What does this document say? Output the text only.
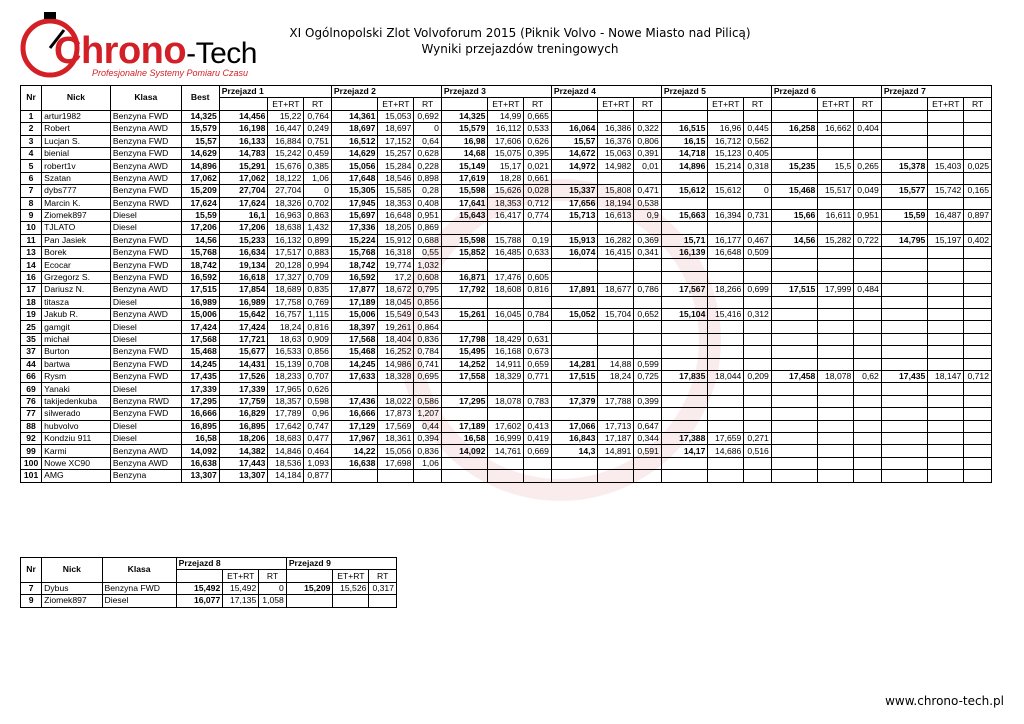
Chrono-Tech
Profesjonalne Systemy Pomiaru Czasu
XI Ogólnopolski Zlot Volvoforum 2015 (Piknik Volvo - Nowe Miasto nad Pilicą)
Wyniki przejazdów treningowych
Nr	Nick	Klasa	Best	Przejazd 1			Przejazd 2			Przejazd 3			Przejazd 4			Przejazd 5			Przejazd 6			Przejazd 7		
					ET+RT	RT		ET+RT	RT		ET+RT	RT		ET+RT	RT		ET+RT	RT		ET+RT	RT		ET+RT	RT
1	artur1982	Benzyna FWD	14,325	14,456	15,22	0,764	14,361	15,053	0,692	14,325	14,99	0,665												
2	Robert	Benzyna AWD	15,579	16,198	16,447	0,249	18,697	18,697	0	15,579	16,112	0,533	16,064	16,386	0,322	16,515	16,96	0,445	16,258	16,662	0,404			
3	Lucjan S.	Benzyna FWD	15,57	16,133	16,884	0,751	16,512	17,152	0,64	16,98	17,606	0,626	15,57	16,376	0,806	16,15	16,712	0,562						
4	bienial	Benzyna FWD	14,629	14,783	15,242	0,459	14,629	15,257	0,628	14,68	15,075	0,395	14,672	15,063	0,391	14,718	15,123	0,405						
5	robert1v	Benzyna AWD	14,896	15,291	15,676	0,385	15,056	15,284	0,228	15,149	15,17	0,021	14,972	14,982	0,01	14,896	15,214	0,318	15,235	15,5	0,265	15,378	15,403	0,025
6	Szatan	Benzyna AWD	17,062	17,062	18,122	1,06	17,648	18,546	0,898	17,619	18,28	0,661												
7	dybs777	Benzyna FWD	15,209	27,704	27,704	0	15,305	15,585	0,28	15,598	15,626	0,028	15,337	15,808	0,471	15,612	15,612	0	15,468	15,517	0,049	15,577	15,742	0,165
8	Marcin K.	Benzyna RWD	17,624	17,624	18,326	0,702	17,945	18,353	0,408	17,641	18,353	0,712	17,656	18,194	0,538									
9	Ziomek897	Diesel	15,59	16,1	16,963	0,863	15,697	16,648	0,951	15,643	16,417	0,774	15,713	16,613	0,9	15,663	16,394	0,731	15,66	16,611	0,951	15,59	16,487	0,897
10	TJLATO	Diesel	17,206	17,206	18,638	1,432	17,336	18,205	0,869															
11	Pan Jasiek	Benzyna FWD	14,56	15,233	16,132	0,899	15,224	15,912	0,688	15,598	15,788	0,19	15,913	16,282	0,369	15,71	16,177	0,467	14,56	15,282	0,722	14,795	15,197	0,402
13	Borek	Benzyna FWD	15,768	16,634	17,517	0,883	15,768	16,318	0,55	15,852	16,485	0,633	16,074	16,415	0,341	16,139	16,648	0,509						
14	Ecocar	Benzyna FWD	18,742	19,134	20,128	0,994	18,742	19,774	1,032															
16	Grzegorz S.	Benzyna FWD	16,592	16,618	17,327	0,709	16,592	17,2	0,608	16,871	17,476	0,605												
17	Dariusz N.	Benzyna AWD	17,515	17,854	18,689	0,835	17,877	18,672	0,795	17,792	18,608	0,816	17,891	18,677	0,786	17,567	18,266	0,699	17,515	17,999	0,484			
18	titasza	Diesel	16,989	16,989	17,758	0,769	17,189	18,045	0,856															
19	Jakub R.	Benzyna AWD	15,006	15,642	16,757	1,115	15,006	15,549	0,543	15,261	16,045	0,784	15,052	15,704	0,652	15,104	15,416	0,312						
25	gamgit	Diesel	17,424	17,424	18,24	0,816	18,397	19,261	0,864															
35	michał	Diesel	17,568	17,721	18,63	0,909	17,568	18,404	0,836	17,798	18,429	0,631												
37	Burton	Benzyna FWD	15,468	15,677	16,533	0,856	15,468	16,252	0,784	15,495	16,168	0,673												
44	bartwa	Benzyna FWD	14,245	14,431	15,139	0,708	14,245	14,986	0,741	14,252	14,911	0,659	14,281	14,88	0,599									
66	Rysm	Benzyna FWD	17,435	17,526	18,233	0,707	17,633	18,328	0,695	17,558	18,329	0,771	17,515	18,24	0,725	17,835	18,044	0,209	17,458	18,078	0,62	17,435	18,147	0,712
69	Yanaki	Diesel	17,339	17,339	17,965	0,626																		
76	takijedenkuba	Benzyna RWD	17,295	17,759	18,357	0,598	17,436	18,022	0,586	17,295	18,078	0,783	17,379	17,788	0,399									
77	silwerado	Benzyna FWD	16,666	16,829	17,789	0,96	16,666	17,873	1,207															
88	hubvolvo	Diesel	16,895	16,895	17,642	0,747	17,129	17,569	0,44	17,189	17,602	0,413	17,066	17,713	0,647									
92	Kondziu 911	Diesel	16,58	18,206	18,683	0,477	17,967	18,361	0,394	16,58	16,999	0,419	16,843	17,187	0,344	17,388	17,659	0,271						
99	Karmi	Benzyna AWD	14,092	14,382	14,846	0,464	14,22	15,056	0,836	14,092	14,761	0,669	14,3	14,891	0,591	14,17	14,686	0,516						
100	Nowe XC90	Benzyna AWD	16,638	17,443	18,536	1,093	16,638	17,698	1,06															
101	AMG	Benzyna	13,307	13,307	14,184	0,877																		
Nr	Nick	Klasa	Przejazd 8			Przejazd 9		
				ET+RT	RT		ET+RT	RT
7	Dybus	Benzyna FWD	15,492	15,492	0	15,209	15,526	0,317
9	Ziomek897	Diesel	16,077	17,135	1,058			
www.chrono-tech.pl
